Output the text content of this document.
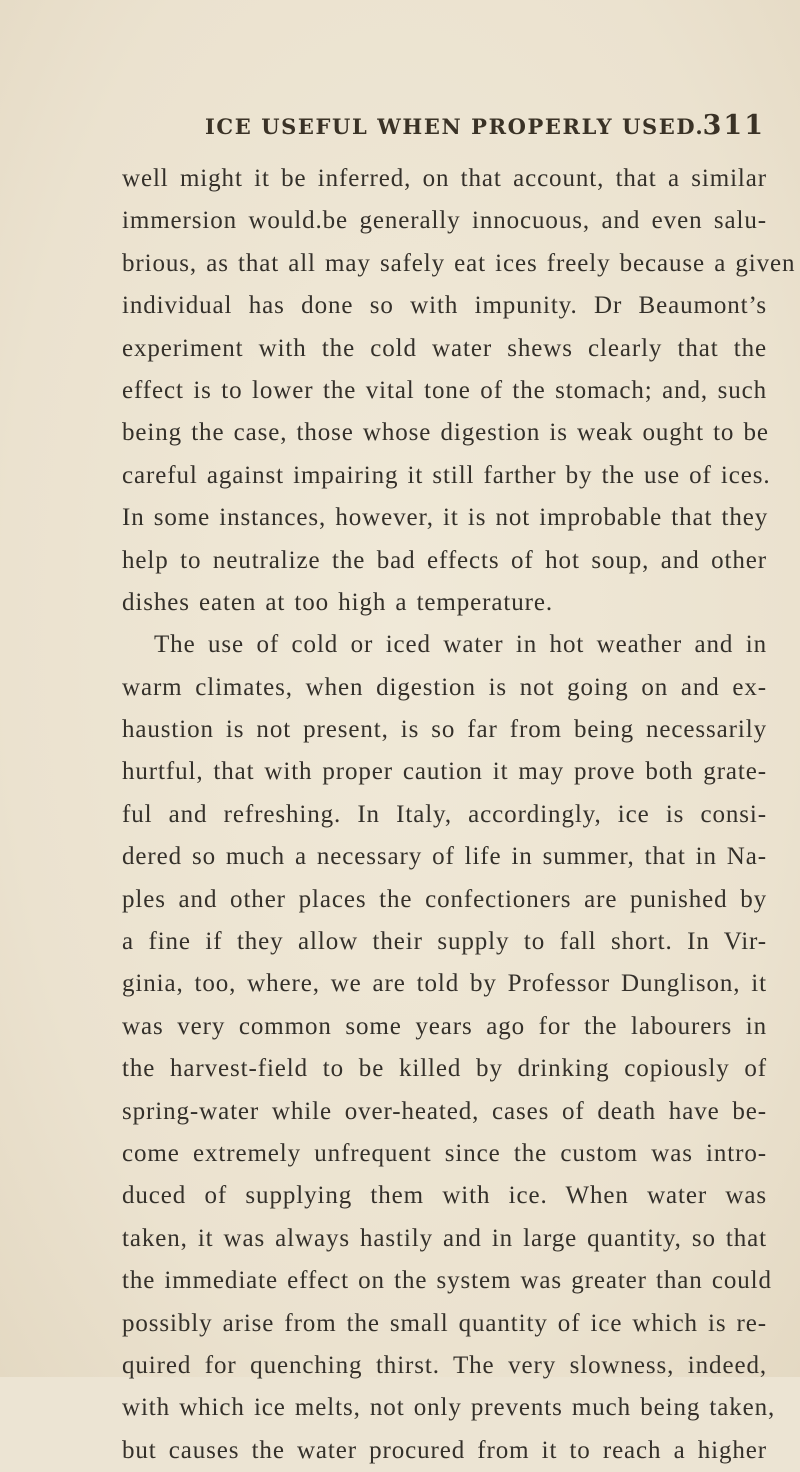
ICE USEFUL WHEN PROPERLY USED.
311
well might it be inferred, on that account, that a similar
immersion would.be generally innocuous, and even salu-
brious, as that all may safely eat ices freely because a given
individual has done so with impunity. Dr Beaumont’s
experiment with the cold water shews clearly that the
effect is to lower the vital tone of the stomach; and, such
being the case, those whose digestion is weak ought to be
careful against impairing it still farther by the use of ices.
In some instances, however, it is not improbable that they
help to neutralize the bad effects of hot soup, and other
dishes eaten at too high a temperature.
The use of cold or iced water in hot weather and in
warm climates, when digestion is not going on and ex-
haustion is not present, is so far from being necessarily
hurtful, that with proper caution it may prove both grate-
ful and refreshing. In Italy, accordingly, ice is consi-
dered so much a necessary of life in summer, that in Na-
ples and other places the confectioners are punished by
a fine if they allow their supply to fall short. In Vir-
ginia, too, where, we are told by Professor Dunglison, it
was very common some years ago for the labourers in
the harvest-field to be killed by drinking copiously of
spring-water while over-heated, cases of death have be-
come extremely unfrequent since the custom was intro-
duced of supplying them with ice. When water was
taken, it was always hastily and in large quantity, so that
the immediate effect on the system was greater than could
possibly arise from the small quantity of ice which is re-
quired for quenching thirst. The very slowness, indeed,
with which ice melts, not only prevents much being taken,
but causes the water procured from it to reach a higher
